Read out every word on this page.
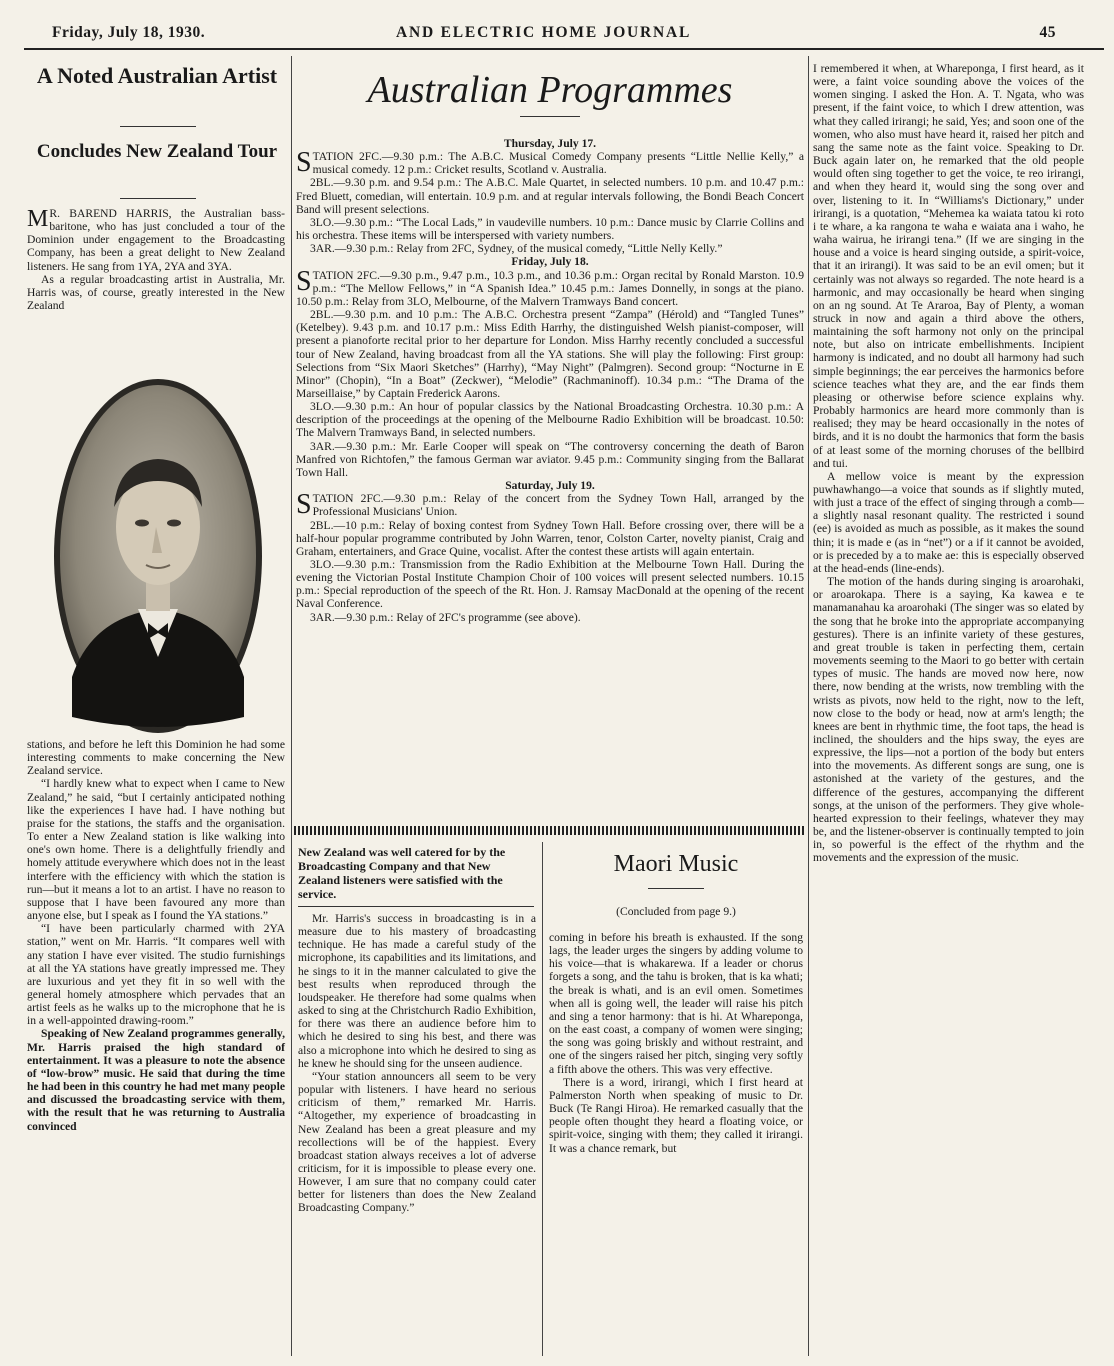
Friday, July 18, 1930.	AND ELECTRIC HOME JOURNAL	45
A Noted Australian Artist
Concludes New Zealand Tour

M R. BAREND HARRIS, the Australian bass-baritone, who has just concluded a tour of the Dominion under engagement to the Broadcasting Company, has been a great delight to New Zealand listeners. He sang from 1YA, 2YA and 3YA.

As a regular broadcasting artist in Australia, Mr. Harris was, of course, greatly interested in the New Zealand

stations, and before he left this Dominion he had some interesting comments to make concerning the New Zealand service.

“I hardly knew what to expect when I came to New Zealand,” he said, “but I certainly anticipated nothing like the experiences I have had. I have nothing but praise for the stations, the staffs and the organisation. To enter a New Zealand station is like walking into one's own home. There is a delightfully friendly and homely attitude everywhere which does not in the least interfere with the efficiency with which the station is run—but it means a lot to an artist. I have no reason to suppose that I have been favoured any more than anyone else, but I speak as I found the YA stations.”

“I have been particularly charmed with 2YA station,” went on Mr. Harris. “It compares well with any station I have ever visited. The studio furnishings at all the YA stations have greatly impressed me. They are luxurious and yet they fit in so well with the general homely atmosphere which pervades that an artist feels as he walks up to the microphone that he is in a well-appointed drawing-room.”

Speaking of New Zealand programmes generally, Mr. Harris praised the high standard of entertainment. It was a pleasure to note the absence of “low-brow” music. He said that during the time he had been in this country he had met many people and discussed the broadcasting service with them, with the result that he was returning to Australia convinced

Australian Programmes

Thursday, July 17.

STATION 2FC.—9.30 p.m.: The A.B.C. Musical Comedy Company presents “Little Nellie Kelly,” a musical comedy. 12 p.m.: Cricket results, Scotland v. Australia.

2BL.—9.30 p.m. and 9.54 p.m.: The A.B.C. Male Quartet, in selected numbers. 10 p.m. and 10.47 p.m.: Fred Bluett, comedian, will entertain. 10.9 p.m. and at regular intervals following, the Bondi Beach Concert Band will present selections.

3LO.—9.30 p.m.: “The Local Lads,” in vaudeville numbers. 10 p.m.: Dance music by Clarrie Collins and his orchestra. These items will be interspersed with variety numbers.

3AR.—9.30 p.m.: Relay from 2FC, Sydney, of the musical comedy, “Little Nelly Kelly.”

Friday, July 18.

STATION 2FC.—9.30 p.m., 9.47 p.m., 10.3 p.m., and 10.36 p.m.: Organ recital by Ronald Marston. 10.9 p.m.: “The Mellow Fellows,” in “A Spanish Idea.” 10.45 p.m.: James Donnelly, in songs at the piano. 10.50 p.m.: Relay from 3LO, Melbourne, of the Malvern Tramways Band concert.

2BL.—9.30 p.m. and 10 p.m.: The A.B.C. Orchestra present “Zampa” (Hérold) and “Tangled Tunes” (Ketelbey). 9.43 p.m. and 10.17 p.m.: Miss Edith Harrhy, the distinguished Welsh pianist-composer, will present a pianoforte recital prior to her departure for London. Miss Harrhy recently concluded a successful tour of New Zealand, having broadcast from all the YA stations. She will play the following: First group: Selections from “Six Maori Sketches” (Harrhy), “May Night” (Palmgren). Second group: “Nocturne in E Minor” (Chopin), “In a Boat” (Zeckwer), “Melodie” (Rachmaninoff). 10.34 p.m.: “The Drama of the Marseillaise,” by Captain Frederick Aarons.

3LO.—9.30 p.m.: An hour of popular classics by the National Broadcasting Orchestra. 10.30 p.m.: A description of the proceedings at the opening of the Melbourne Radio Exhibition will be broadcast. 10.50: The Malvern Tramways Band, in selected numbers.

3AR.—9.30 p.m.: Mr. Earle Cooper will speak on “The controversy concerning the death of Baron Manfred von Richtofen,” the famous German war aviator. 9.45 p.m.: Community singing from the Ballarat Town Hall.

Saturday, July 19.

STATION 2FC.—9.30 p.m.: Relay of the concert from the Sydney Town Hall, arranged by the Professional Musicians' Union.

2BL.—10 p.m.: Relay of boxing contest from Sydney Town Hall. Before crossing over, there will be a half-hour popular programme contributed by John Warren, tenor, Colston Carter, novelty pianist, Craig and Graham, entertainers, and Grace Quine, vocalist. After the contest these artists will again entertain.

3LO.—9.30 p.m.: Transmission from the Radio Exhibition at the Melbourne Town Hall. During the evening the Victorian Postal Institute Champion Choir of 100 voices will present selected numbers. 10.15 p.m.: Special reproduction of the speech of the Rt. Hon. J. Ramsay MacDonald at the opening of the recent Naval Conference.

3AR.—9.30 p.m.: Relay of 2FC's programme (see above).

New Zealand was well catered for by the Broadcasting Company and that New Zealand listeners were satisfied with the service.

Mr. Harris's success in broadcasting is in a measure due to his mastery of broadcasting technique. He has made a careful study of the microphone, its capabilities and its limitations, and he sings to it in the manner calculated to give the best results when reproduced through the loudspeaker. He therefore had some qualms when asked to sing at the Christchurch Radio Exhibition, for there was there an audience before him to which he desired to sing his best, and there was also a microphone into which he desired to sing as he knew he should sing for the unseen audience.

“Your station announcers all seem to be very popular with listeners. I have heard no serious criticism of them,” remarked Mr. Harris. “Altogether, my experience of broadcasting in New Zealand has been a great pleasure and my recollections will be of the happiest. Every broadcast station always receives a lot of adverse criticism, for it is impossible to please every one. However, I am sure that no company could cater better for listeners than does the New Zealand Broadcasting Company.”

Maori Music
(Concluded from page 9.)

coming in before his breath is exhausted. If the song lags, the leader urges the singers by adding volume to his voice—that is whakarewa. If a leader or chorus forgets a song, and the tahu is broken, that is ka whati; the break is whati, and is an evil omen. Sometimes when all is going well, the leader will raise his pitch and sing a tenor harmony: that is hi. At Whareponga, on the east coast, a company of women were singing; the song was going briskly and without restraint, and one of the singers raised her pitch, singing very softly a fifth above the others. This was very effective.

There is a word, irirangi, which I first heard at Palmerston North when speaking of music to Dr. Buck (Te Rangi Hiroa). He remarked casually that the people often thought they heard a floating voice, or spirit-voice, singing with them; they called it irirangi. It was a chance remark, but

I remembered it when, at Whareponga, I first heard, as it were, a faint voice sounding above the voices of the women singing. I asked the Hon. A. T. Ngata, who was present, if the faint voice, to which I drew attention, was what they called irirangi; he said, Yes; and soon one of the women, who also must have heard it, raised her pitch and sang the same note as the faint voice. Speaking to Dr. Buck again later on, he remarked that the old people would often sing together to get the voice, te reo irirangi, and when they heard it, would sing the song over and over, listening to it. In “Williams's Dictionary,” under irirangi, is a quotation, “Mehemea ka waiata tatou ki roto i te whare, a ka rangona te waha e waiata ana i waho, he waha wairua, he irirangi tena.” (If we are singing in the house and a voice is heard singing outside, a spirit-voice, that it an irirangi). It was said to be an evil omen; but it certainly was not always so regarded. The note heard is a harmonic, and may occasionally be heard when singing on an ng sound. At Te Araroa, Bay of Plenty, a woman struck in now and again a third above the others, maintaining the soft harmony not only on the principal note, but also on intricate embellishments. Incipient harmony is indicated, and no doubt all harmony had such simple beginnings; the ear perceives the harmonics before science teaches what they are, and the ear finds them pleasing or otherwise before science explains why. Probably harmonics are heard more commonly than is realised; they may be heard occasionally in the notes of birds, and it is no doubt the harmonics that form the basis of at least some of the morning choruses of the bellbird and tui.

A mellow voice is meant by the expression puwhawhango—a voice that sounds as if slightly muted, with just a trace of the effect of singing through a comb—a slightly nasal resonant quality. The restricted i sound (ee) is avoided as much as possible, as it makes the sound thin; it is made e (as in “net”) or a if it cannot be avoided, or is preceded by a to make ae: this is especially observed at the head-ends (line-ends).

The motion of the hands during singing is aroarohaki, or aroarokapa. There is a saying, Ka kawea e te manamanahau ka aroarohaki (The singer was so elated by the song that he broke into the appropriate accompanying gestures). There is an infinite variety of these gestures, and great trouble is taken in perfecting them, certain movements seeming to the Maori to go better with certain types of music. The hands are moved now here, now there, now bending at the wrists, now trembling with the wrists as pivots, now held to the right, now to the left, now close to the body or head, now at arm's length; the knees are bent in rhythmic time, the foot taps, the head is inclined, the shoulders and the hips sway, the eyes are expressive, the lips—not a portion of the body but enters into the movements. As different songs are sung, one is astonished at the variety of the gestures, and the difference of the gestures, accompanying the different songs, at the unison of the performers. They give whole-hearted expression to their feelings, whatever they may be, and the listener-observer is continually tempted to join in, so powerful is the effect of the rhythm and the movements and the expression of the music.
